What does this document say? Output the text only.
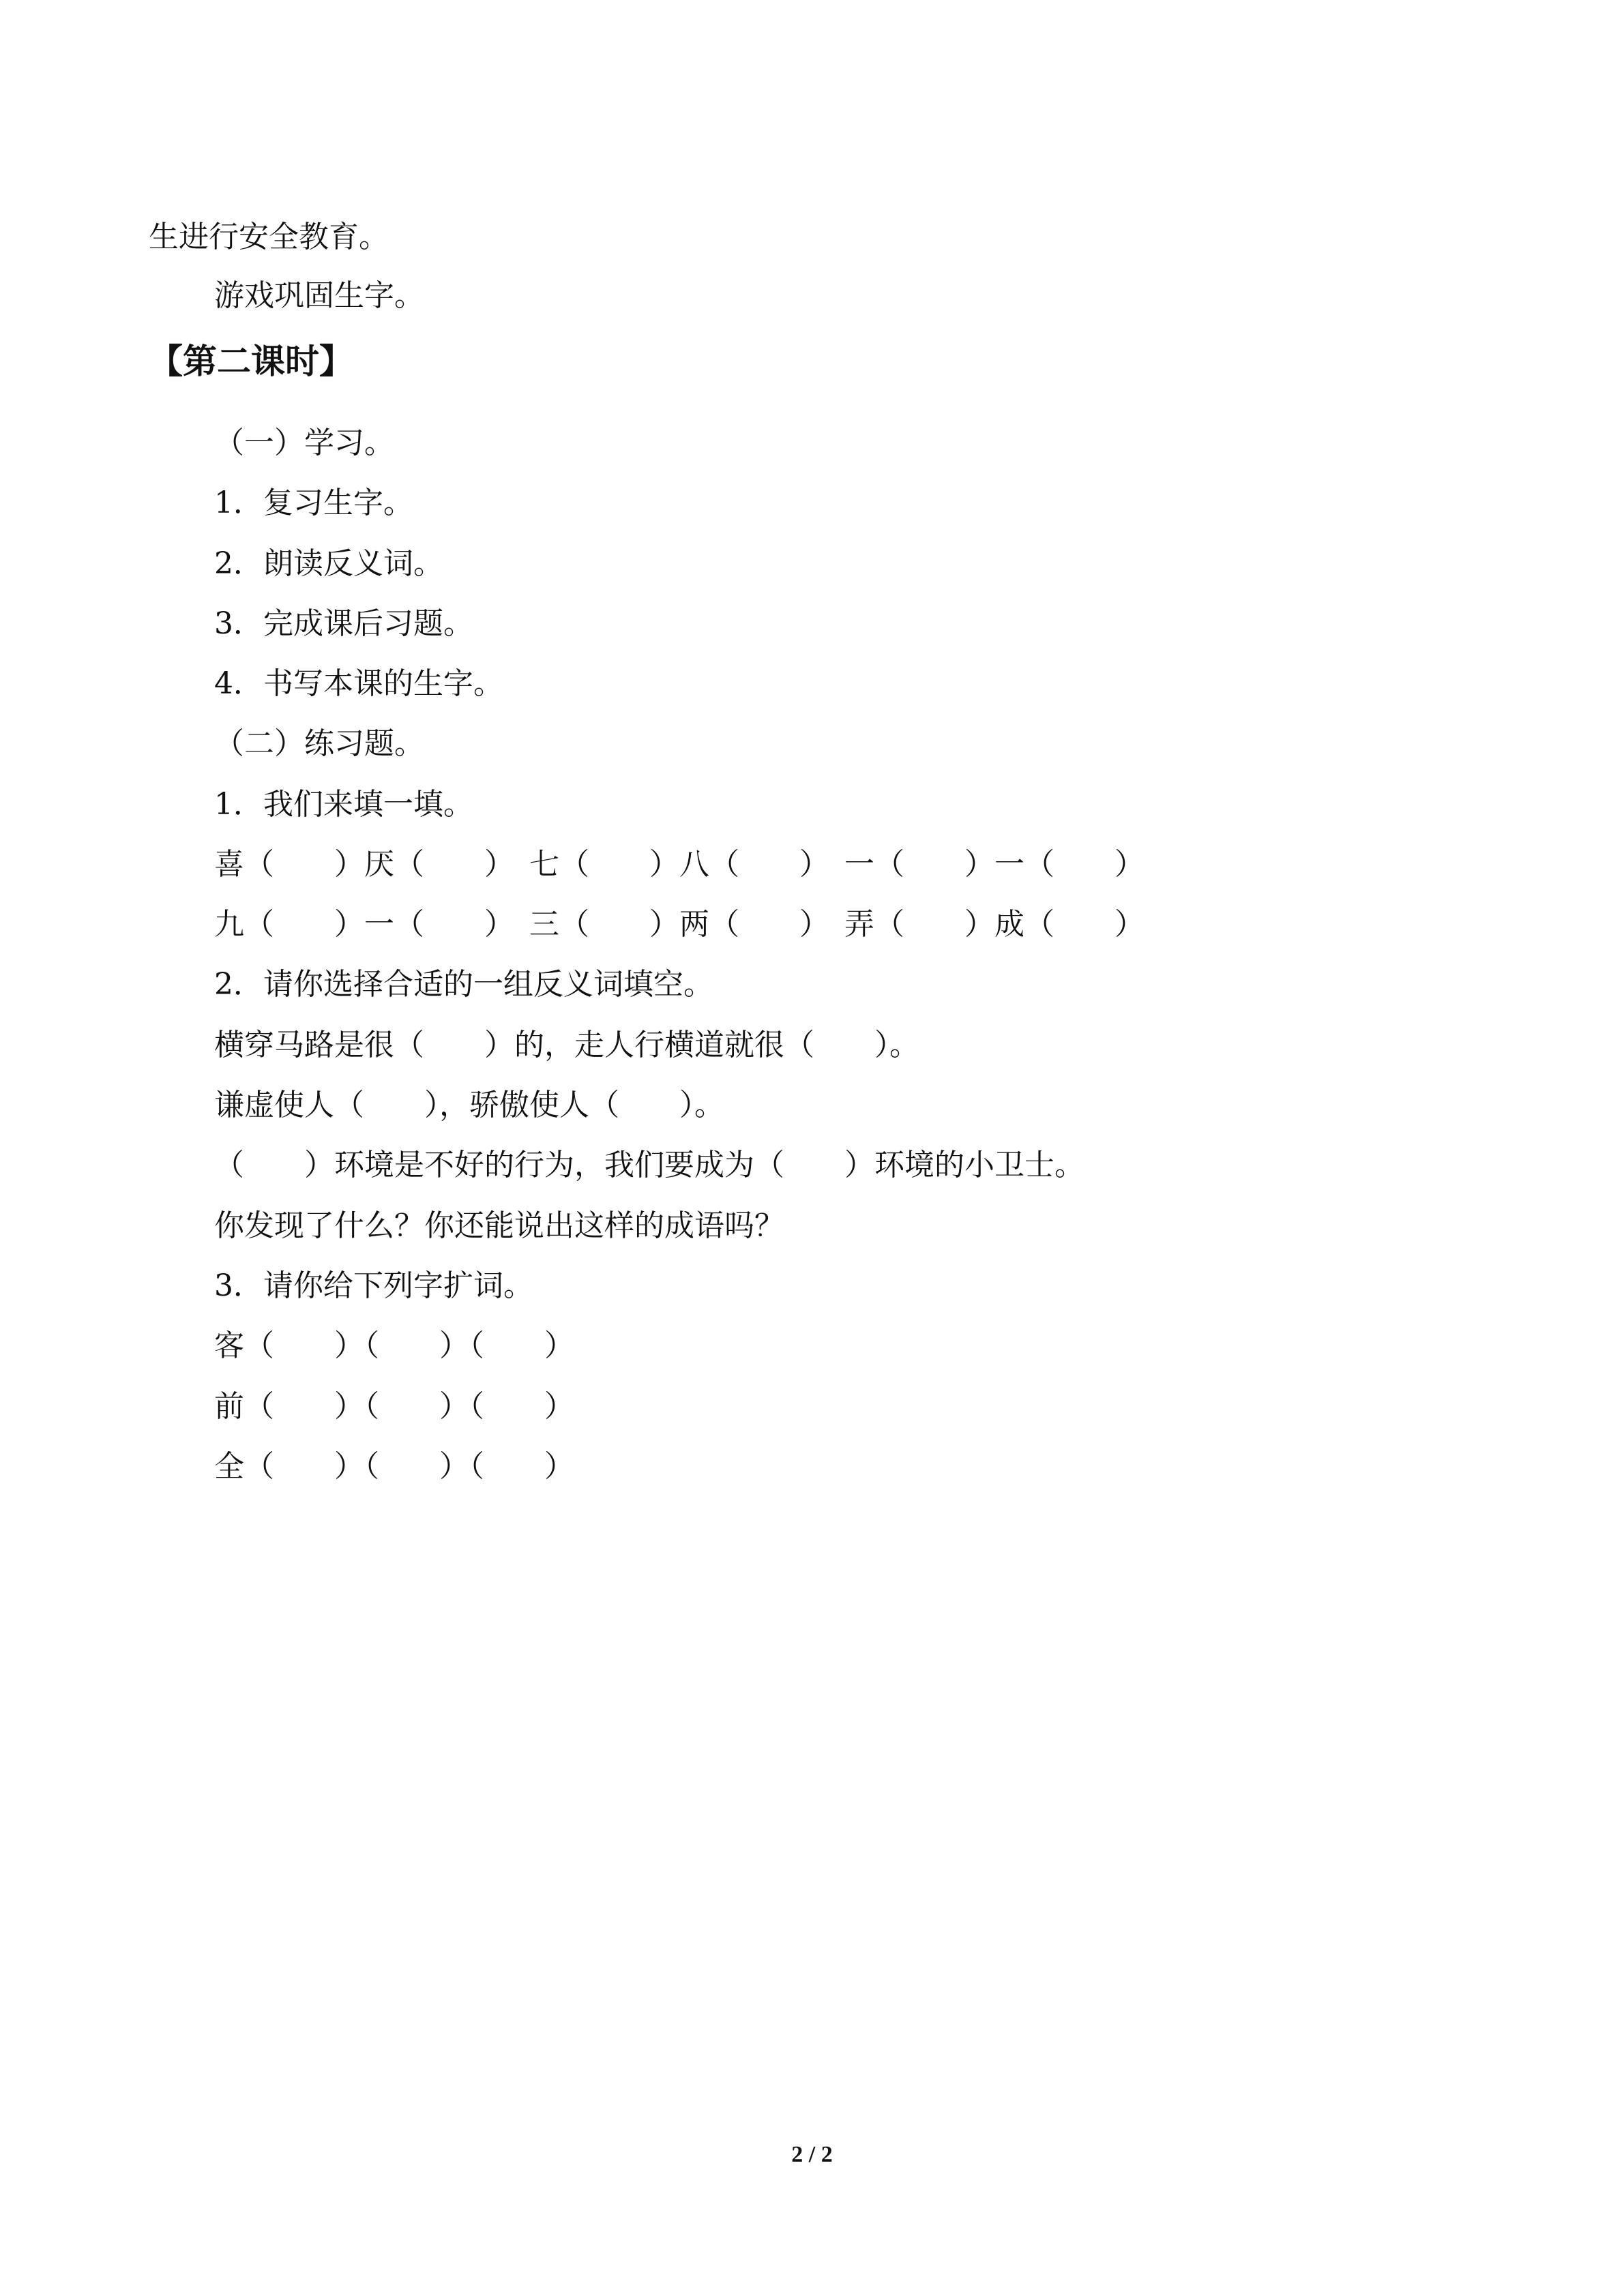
生进行安全教育。
游戏巩固生字。
【第二课时】
（一）学习。
1．复习生字。
2．朗读反义词。
3．完成课后习题。
4．书写本课的生字。
（二）练习题。
1．我们来填一填。
喜（　　）厌（　　）　七（　　）八（　　）　一（　　）一（　　）
九（　　）一（　　）　三（　　）两（　　）　弄（　　）成（　　）
2．请你选择合适的一组反义词填空。
横穿马路是很（　　）的，走人行横道就很（　　）。
谦虚使人（　　），骄傲使人（　　）。
（　　）环境是不好的行为，我们要成为（　　）环境的小卫士。
你发现了什么？你还能说出这样的成语吗？
3．请你给下列字扩词。
客（　　）（　　）（　　）
前（　　）（　　）（　　）
全（　　）（　　）（　　）
2 / 2
